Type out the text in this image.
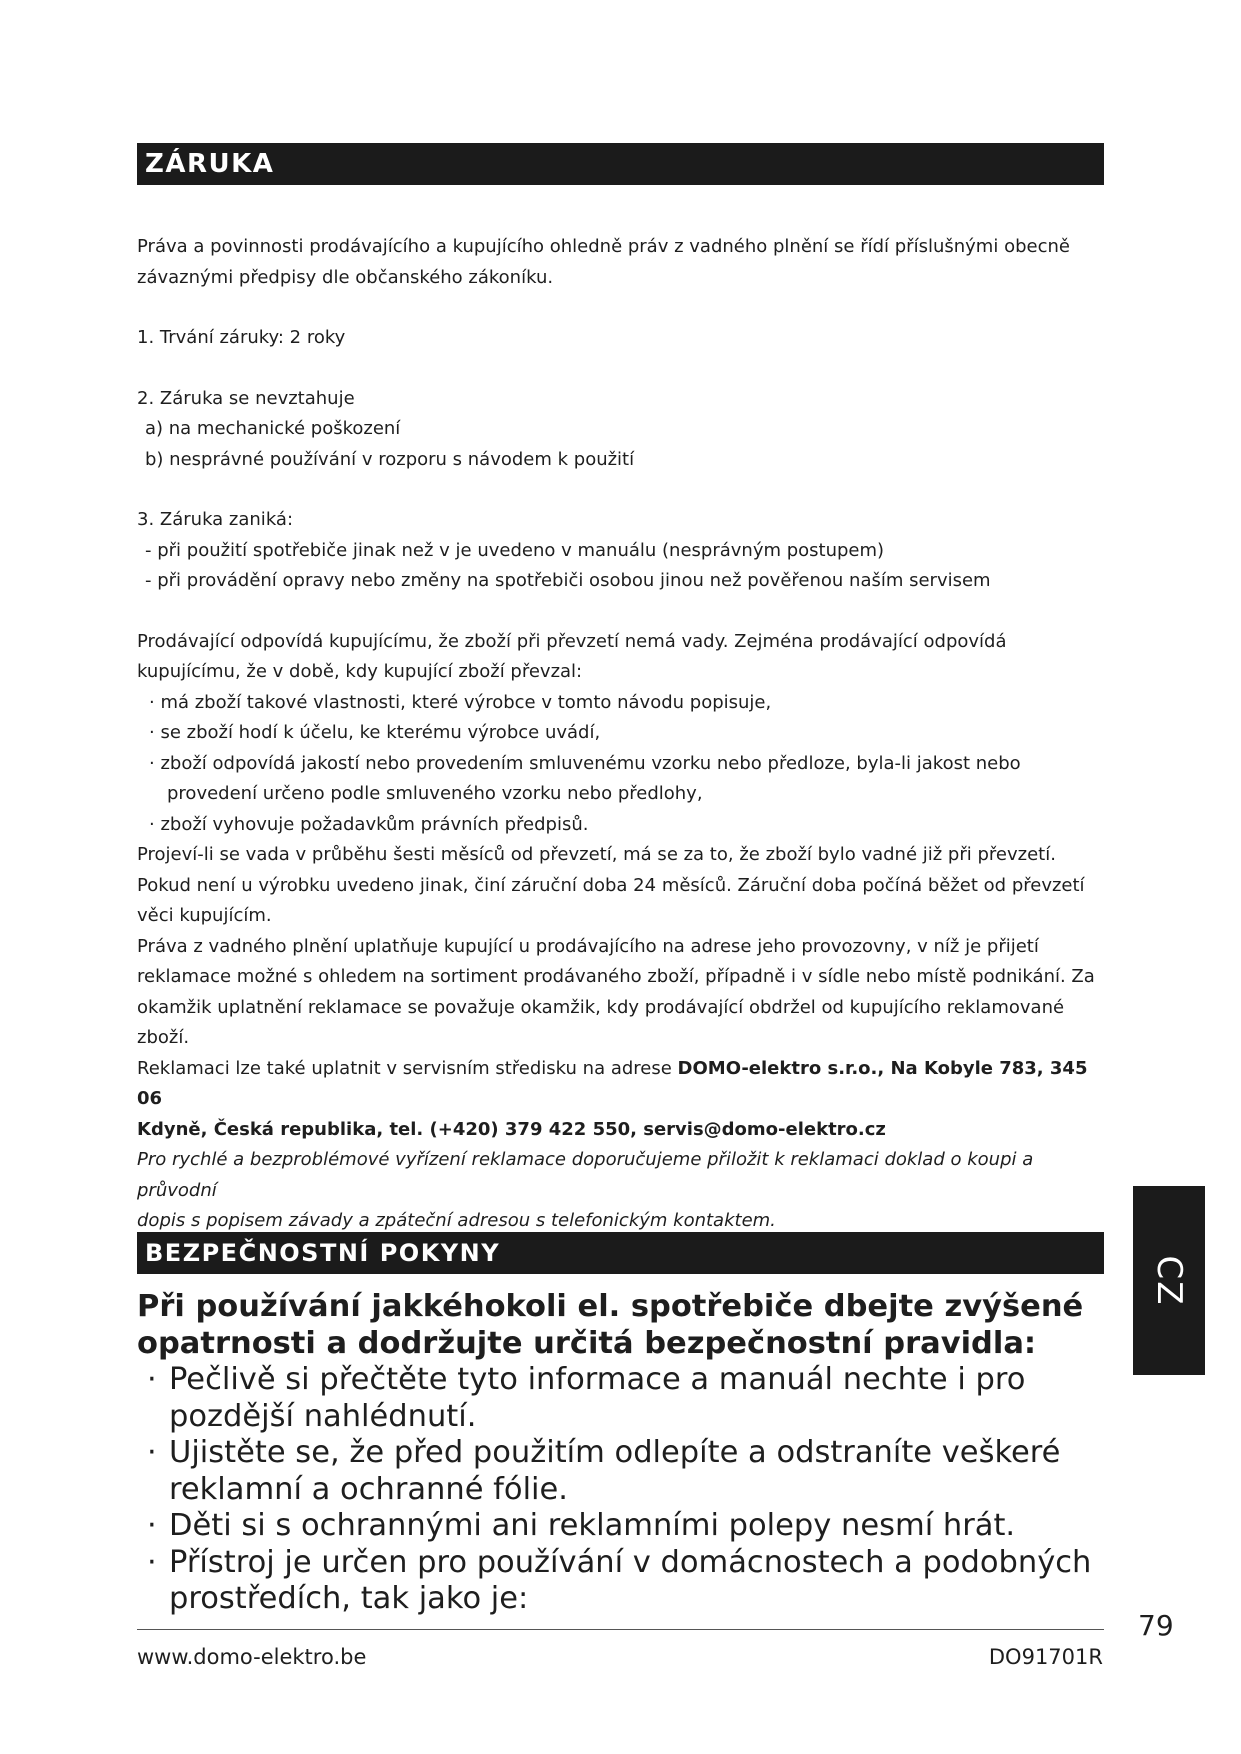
ZÁRUKA

Práva a povinnosti prodávajícího a kupujícího ohledně práv z vadného plnění se řídí příslušnými obecně

závaznými předpisy dle občanského zákoníku.

1. Trvání záruky: 2 roky

2. Záruka se nevztahuje

a) na mechanické poškození

b) nesprávné používání v rozporu s návodem k použití

3. Záruka zaniká:

- při použití spotřebiče jinak než v je uvedeno v manuálu (nesprávným postupem)

- při provádění opravy nebo změny na spotřebiči osobou jinou než pověřenou naším servisem

Prodávající odpovídá kupujícímu, že zboží při převzetí nemá vady. Zejména prodávající odpovídá

kupujícímu, že v době, kdy kupující zboží převzal:

· má zboží takové vlastnosti, které výrobce v tomto návodu popisuje,

· se zboží hodí k účelu, ke kterému výrobce uvádí,

· zboží odpovídá jakostí nebo provedením smluvenému vzorku nebo předloze, byla-li jakost nebo

provedení určeno podle smluveného vzorku nebo předlohy,

· zboží vyhovuje požadavkům právních předpisů.

Projeví-li se vada v průběhu šesti měsíců od převzetí, má se za to, že zboží bylo vadné již při převzetí.

Pokud není u výrobku uvedeno jinak, činí záruční doba 24 měsíců. Záruční doba počíná běžet od převzetí

věci kupujícím.

Práva z vadného plnění uplatňuje kupující u prodávajícího na adrese jeho provozovny, v níž je přijetí

reklamace možné s ohledem na sortiment prodávaného zboží, případně i v sídle nebo místě podnikání. Za

okamžik uplatnění reklamace se považuje okamžik, kdy prodávající obdržel od kupujícího reklamované

zboží.

Reklamaci lze také uplatnit v servisním středisku na adrese DOMO-elektro s.r.o., Na Kobyle 783, 345 06

Kdyně, Česká republika, tel. (+420) 379 422 550, servis@domo-elektro.cz

Pro rychlé a bezproblémové vyřízení reklamace doporučujeme přiložit k reklamaci doklad o koupi a průvodní

dopis s popisem závady a zpáteční adresou s telefonickým kontaktem.

BEZPEČNOSTNÍ POKYNY

Při používání jakkéhokoli el. spotřebiče dbejte zvýšené

opatrnosti a dodržujte určitá bezpečnostní pravidla:

· Pečlivě si přečtěte tyto informace a manuál nechte i pro

pozdější nahlédnutí.

· Ujistěte se, že před použitím odlepíte a odstraníte veškeré

reklamní a ochranné fólie.

· Děti si s ochrannými ani reklamními polepy nesmí hrát.

· Přístroj je určen pro používání v domácnostech a podobných

prostředích, tak jako je:

CZ
79
www.domo-elektro.be	DO91701R
